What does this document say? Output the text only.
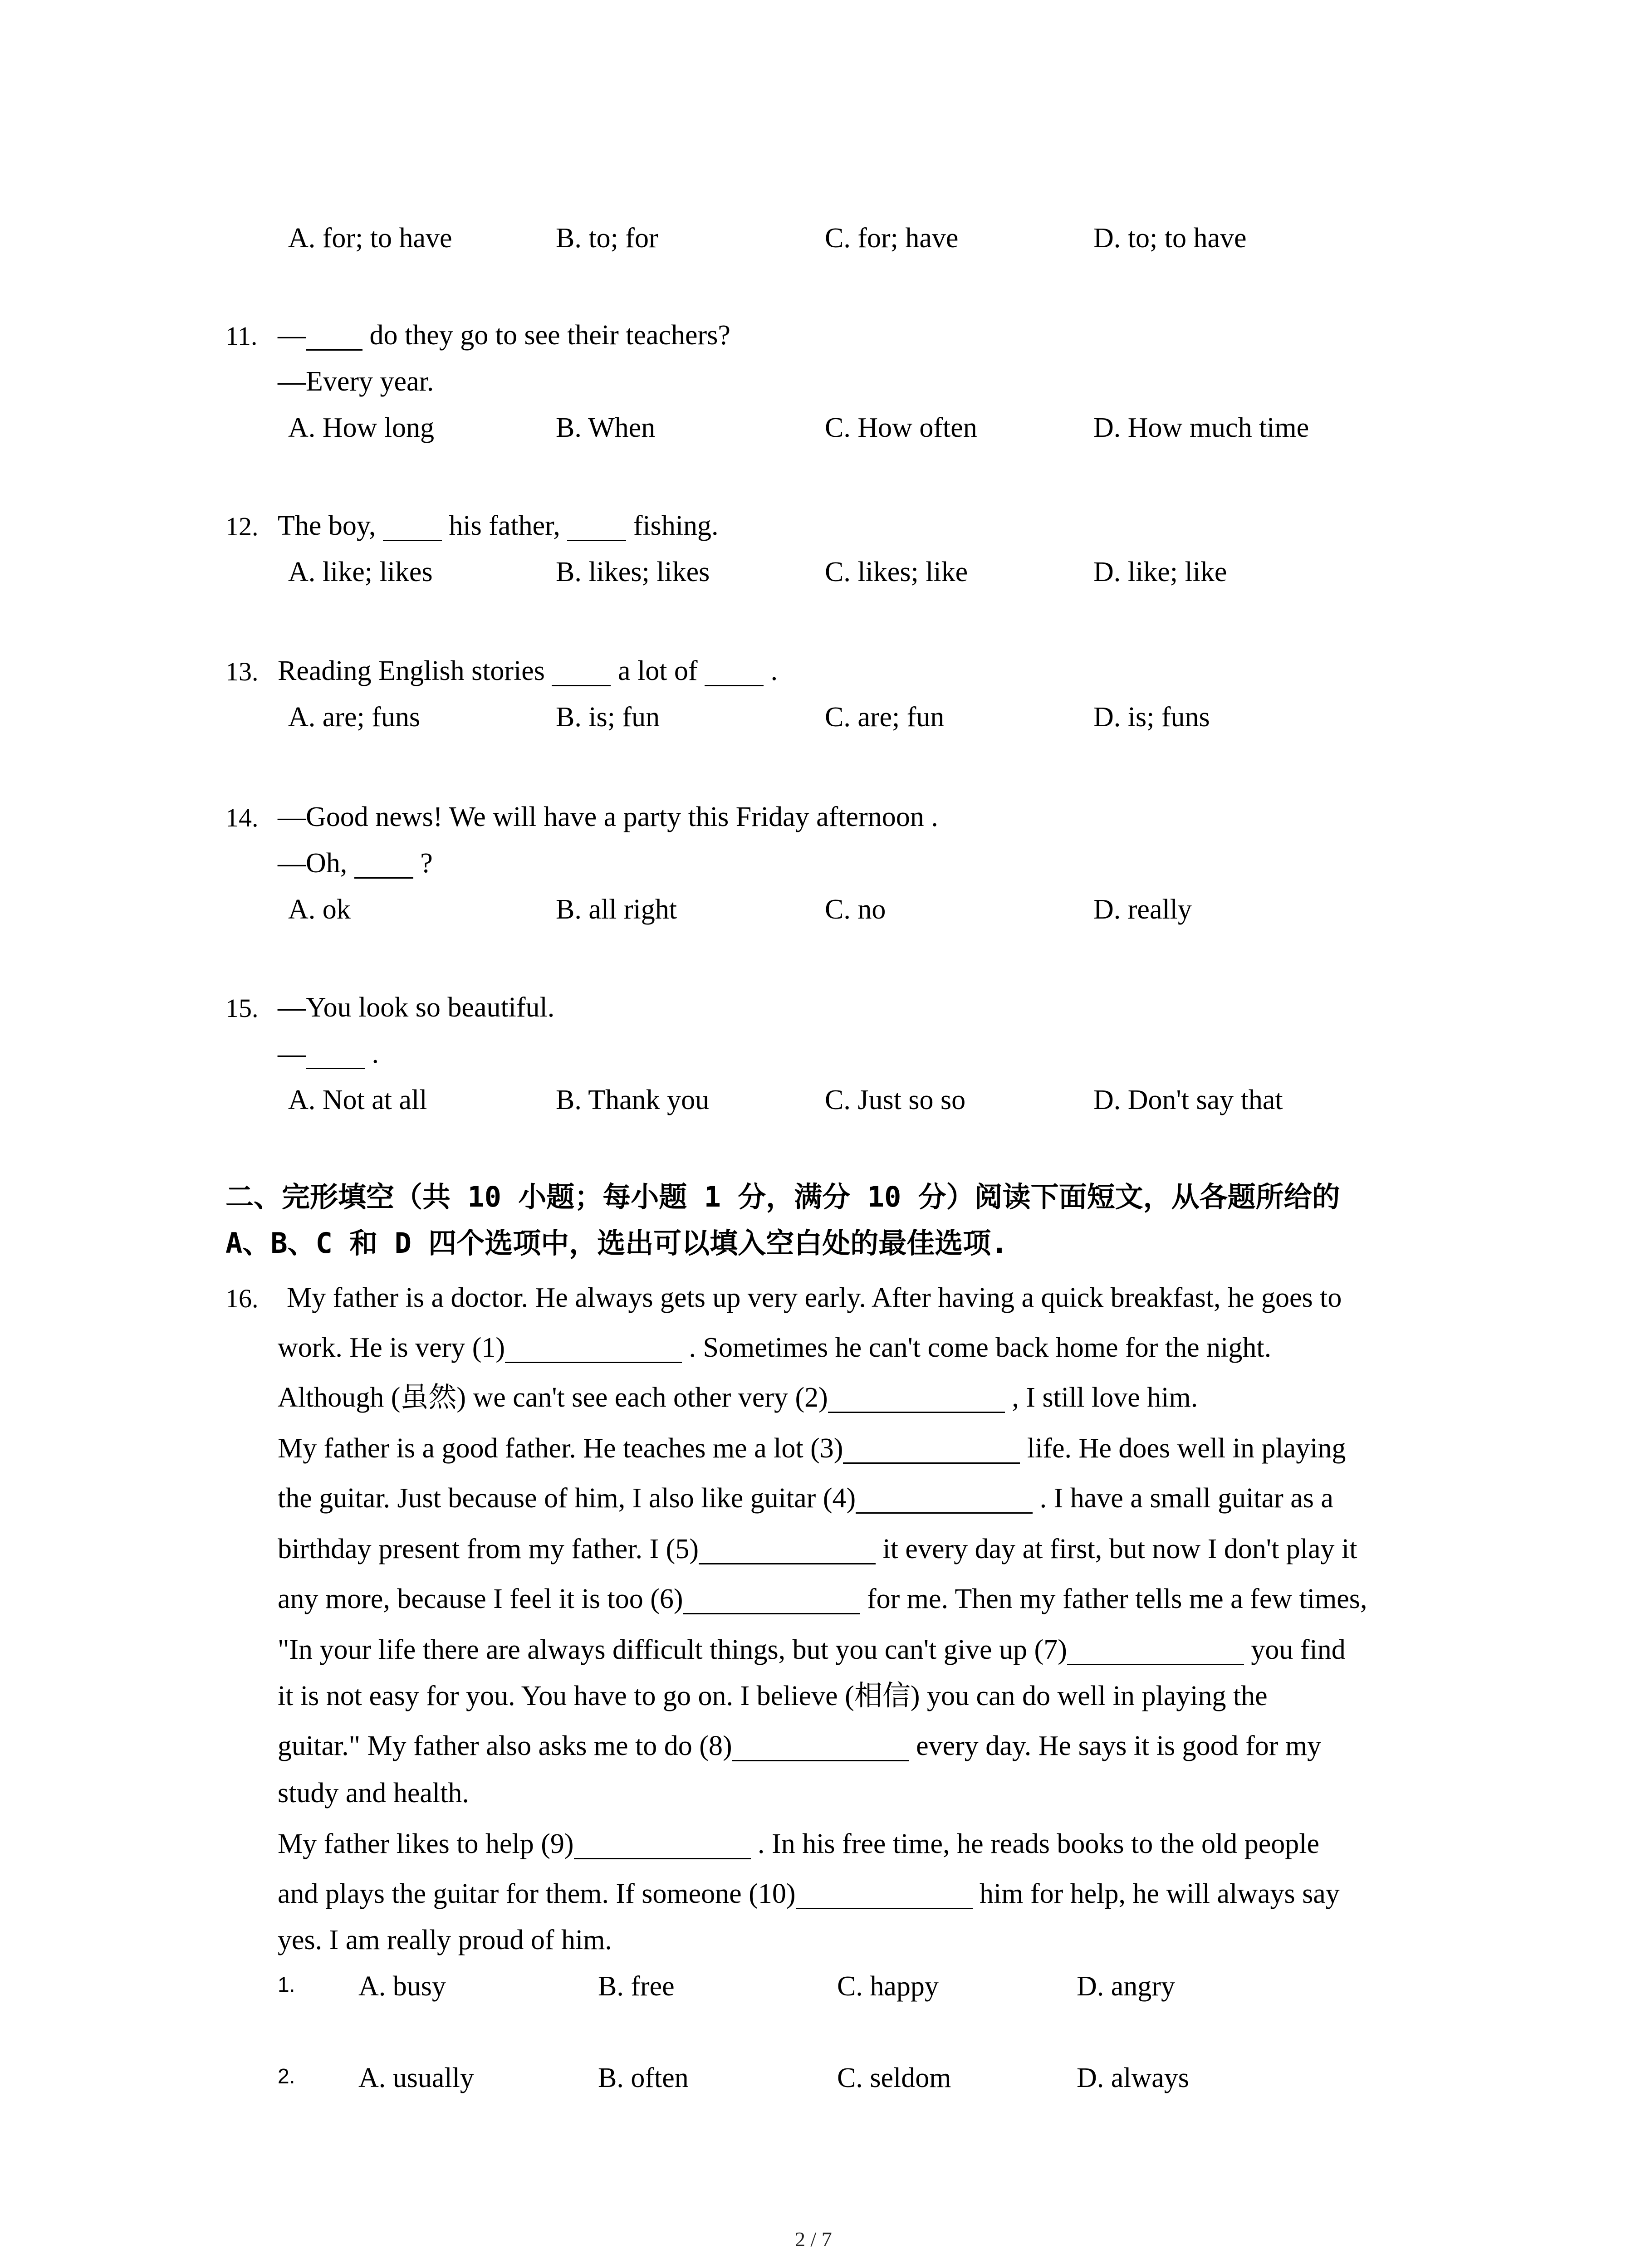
A. for; to have	B. to; for	C. for; have	D. to; to have
11. —  do they go to see their teachers?
—Every year.
A. How long	B. When	C. How often	D. How much time
12. The boy,   his father,   fishing.
A. like; likes	B. likes; likes	C. likes; like	D. like; like
13. Reading English stories   a lot of   .
A. are; funs	B. is; fun	C. are; fun	D. is; funs
14. —Good news! We will have a party this Friday afternoon .
—Oh,   ?
A. ok	B. all right	C. no	D. really
15. —You look so beautiful.
—  .
A. Not at all	B. Thank you	C. Just so so	D. Don't say that
二、完形填空（共 10 小题；每小题 1 分，满分 10 分）阅读下面短文，从各题所给的
A、B、C 和 D 四个选项中，选出可以填入空白处的最佳选项.
16. My father is a doctor. He always gets up very early. After having a quick breakfast, he goes to
work. He is very (1)	. Sometimes he can't come back home for the night.
Although (虽然) we can't see each other very (2)	, I still love him.
My father is a good father. He teaches me a lot (3)	life. He does well in playing
the guitar. Just because of him, I also like guitar (4)	. I have a small guitar as a
birthday present from my father. I (5)	it every day at first, but now I don't play it
any more, because I feel it is too (6)	for me. Then my father tells me a few times,
"In your life there are always difficult things, but you can't give up (7)	you find
it is not easy for you. You have to go on. I believe (相信) you can do well in playing the
guitar." My father also asks me to do (8)	every day. He says it is good for my
study and health.
My father likes to help (9)	. In his free time, he reads books to the old people
and plays the guitar for them. If someone (10)	him for help, he will always say
yes. I am really proud of him.
1. A. busy	B. free	C. happy	D. angry
2. A. usually	B. often	C. seldom	D. always
2 / 7
